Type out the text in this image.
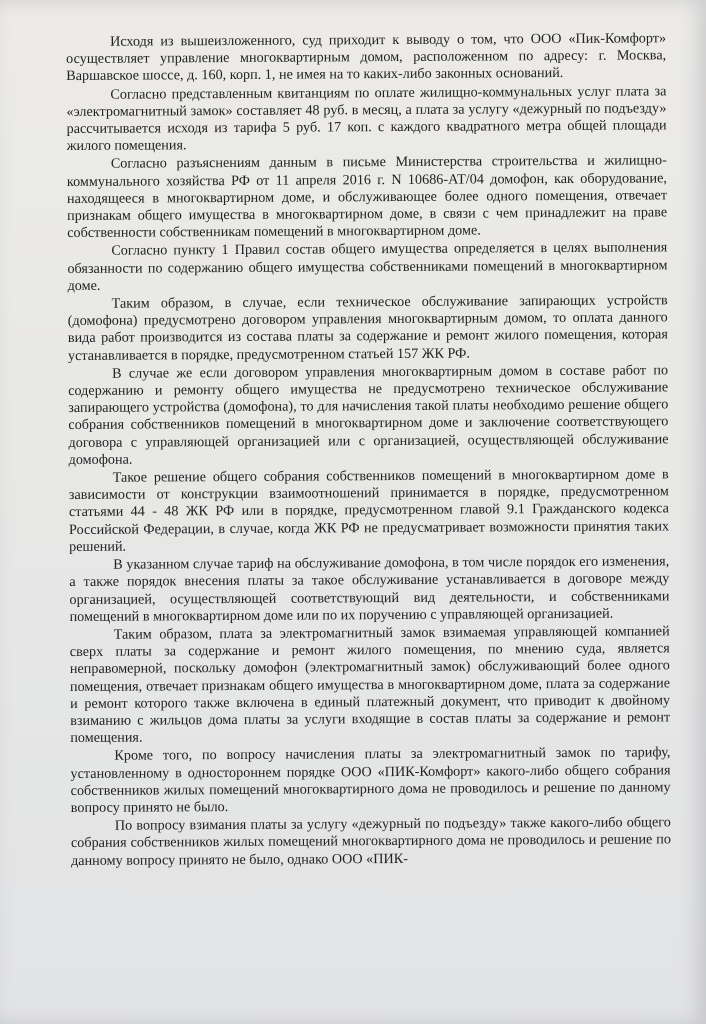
Исходя из вышеизложенного, суд приходит к выводу о том, что ООО «Пик-Комфорт» осуществляет управление многоквартирным домом, расположенном по адресу: г. Москва, Варшавское шоссе, д. 160, корп. 1, не имея на то каких-либо законных оснований.

Согласно представленным квитанциям по оплате жилищно-коммунальных услуг плата за «электромагнитный замок» составляет 48 руб. в месяц, а плата за услугу «дежурный по подъезду» рассчитывается исходя из тарифа 5 руб. 17 коп. с каждого квадратного метра общей площади жилого помещения.

Согласно разъяснениям данным в письме Министерства строительства и жилищно-коммунального хозяйства РФ от 11 апреля 2016 г. N 10686-АТ/04 домофон, как оборудование, находящееся в многоквартирном доме, и обслуживающее более одного помещения, отвечает признакам общего имущества в многоквартирном доме, в связи с чем принадлежит на праве собственности собственникам помещений в многоквартирном доме.

Согласно пункту 1 Правил состав общего имущества определяется в целях выполнения обязанности по содержанию общего имущества собственниками помещений в многоквартирном доме.

Таким образом, в случае, если техническое обслуживание запирающих устройств (домофона) предусмотрено договором управления многоквартирным домом, то оплата данного вида работ производится из состава платы за содержание и ремонт жилого помещения, которая устанавливается в порядке, предусмотренном статьей 157 ЖК РФ.

В случае же если договором управления многоквартирным домом в составе работ по содержанию и ремонту общего имущества не предусмотрено техническое обслуживание запирающего устройства (домофона), то для начисления такой платы необходимо решение общего собрания собственников помещений в многоквартирном доме и заключение соответствующего договора с управляющей организацией или с организацией, осуществляющей обслуживание домофона.

Такое решение общего собрания собственников помещений в многоквартирном доме в зависимости от конструкции взаимоотношений принимается в порядке, предусмотренном статьями 44 - 48 ЖК РФ или в порядке, предусмотренном главой 9.1 Гражданского кодекса Российской Федерации, в случае, когда ЖК РФ не предусматривает возможности принятия таких решений.

В указанном случае тариф на обслуживание домофона, в том числе порядок его изменения, а также порядок внесения платы за такое обслуживание устанавливается в договоре между организацией, осуществляющей соответствующий вид деятельности, и собственниками помещений в многоквартирном доме или по их поручению с управляющей организацией.

Таким образом, плата за электромагнитный замок взимаемая управляющей компанией сверх платы за содержание и ремонт жилого помещения, по мнению суда, является неправомерной, поскольку домофон (электромагнитный замок) обслуживающий более одного помещения, отвечает признакам общего имущества в многоквартирном доме, плата за содержание и ремонт которого также включена в единый платежный документ, что приводит к двойному взиманию с жильцов дома платы за услуги входящие в состав платы за содержание и ремонт помещения.

Кроме того, по вопросу начисления платы за электромагнитный замок по тарифу, установленному в одностороннем порядке ООО «ПИК-Комфорт» какого-либо общего собрания собственников жилых помещений многоквартирного дома не проводилось и решение по данному вопросу принято не было.

По вопросу взимания платы за услугу «дежурный по подъезду» также какого-либо общего собрания собственников жилых помещений многоквартирного дома не проводилось и решение по данному вопросу принято не было, однако ООО «ПИК-
